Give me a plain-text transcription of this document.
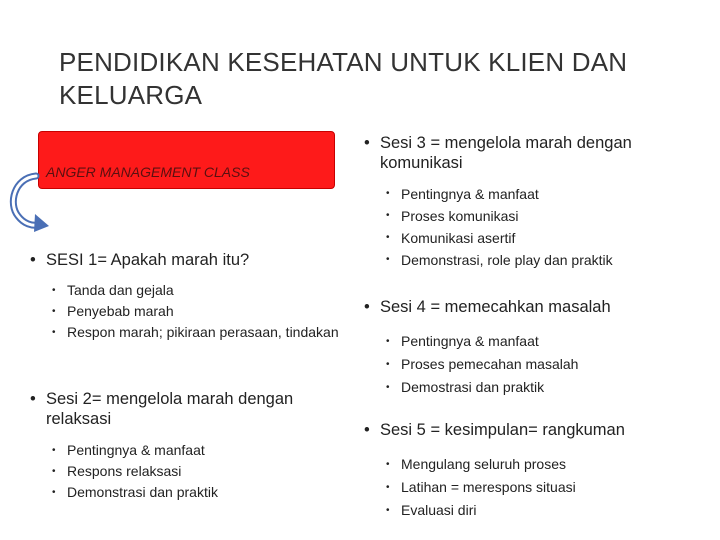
PENDIDIKAN KESEHATAN UNTUK KLIEN DAN KELUARGA
ANGER MANAGEMENT CLASS
• SESI 1= Apakah marah itu?
• Tanda dan gejala
• Penyebab marah
• Respon marah; pikiraan perasaan, tindakan
• Sesi 2= mengelola marah dengan relaksasi
• Pentingnya & manfaat
• Respons relaksasi
• Demonstrasi dan praktik
• Sesi 3 = mengelola marah dengan komunikasi
• Pentingnya & manfaat
• Proses komunikasi
• Komunikasi asertif
• Demonstrasi, role play dan praktik
• Sesi 4 = memecahkan masalah
• Pentingnya & manfaat
• Proses pemecahan masalah
• Demostrasi dan praktik
• Sesi 5 = kesimpulan= rangkuman
• Mengulang seluruh proses
• Latihan = merespons situasi
• Evaluasi diri
